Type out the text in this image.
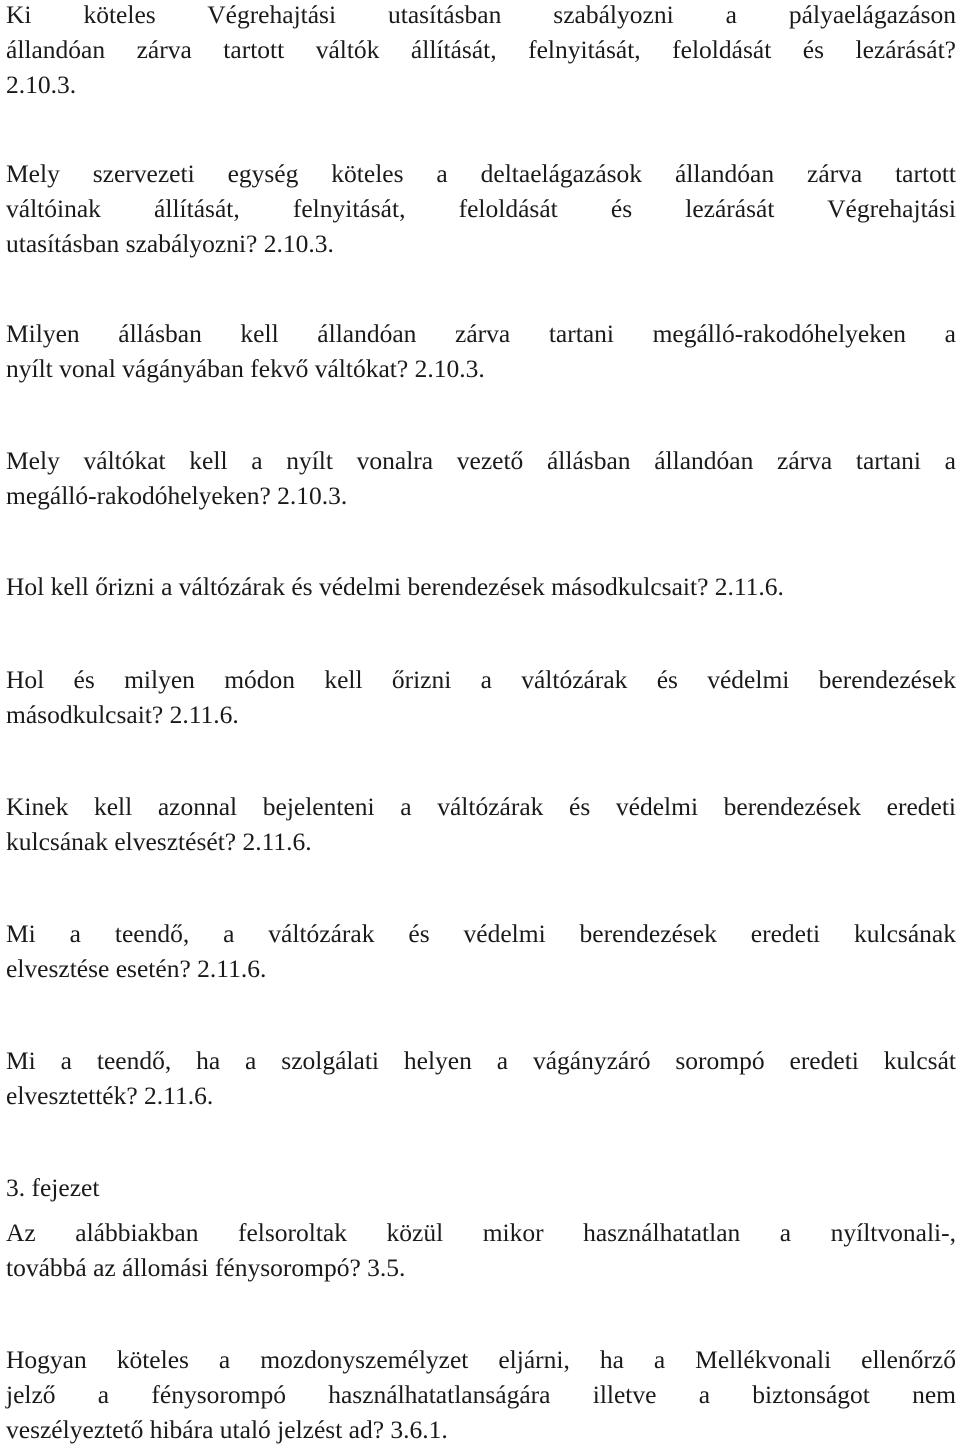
Ki köteles Végrehajtási utasításban szabályozni a pályaelágazáson
állandóan zárva tartott váltók állítását, felnyitását, feloldását és lezárását?
2.10.3.
Mely szervezeti egység köteles a deltaelágazások állandóan zárva tartott
váltóinak állítását, felnyitását, feloldását és lezárását Végrehajtási
utasításban szabályozni? 2.10.3.
Milyen állásban kell állandóan zárva tartani megálló-rakodóhelyeken a
nyílt vonal vágányában fekvő váltókat? 2.10.3.
Mely váltókat kell a nyílt vonalra vezető állásban állandóan zárva tartani a
megálló-rakodóhelyeken? 2.10.3.
Hol kell őrizni a váltózárak és védelmi berendezések másodkulcsait? 2.11.6.
Hol és milyen módon kell őrizni a váltózárak és védelmi berendezések
másodkulcsait? 2.11.6.
Kinek kell azonnal bejelenteni a váltózárak és védelmi berendezések eredeti
kulcsának elvesztését? 2.11.6.
Mi a teendő, a váltózárak és védelmi berendezések eredeti kulcsának
elvesztése esetén? 2.11.6.
Mi a teendő, ha a szolgálati helyen a vágányzáró sorompó eredeti kulcsát
elvesztették? 2.11.6.
3. fejezet
Az alábbiakban felsoroltak közül mikor használhatatlan a nyíltvonali-,
továbbá az állomási fénysorompó? 3.5.
Hogyan köteles a mozdonyszemélyzet eljárni, ha a Mellékvonali ellenőrző
jelző a fénysorompó használhatatlanságára illetve a biztonságot nem
veszélyeztető hibára utaló jelzést ad? 3.6.1.
